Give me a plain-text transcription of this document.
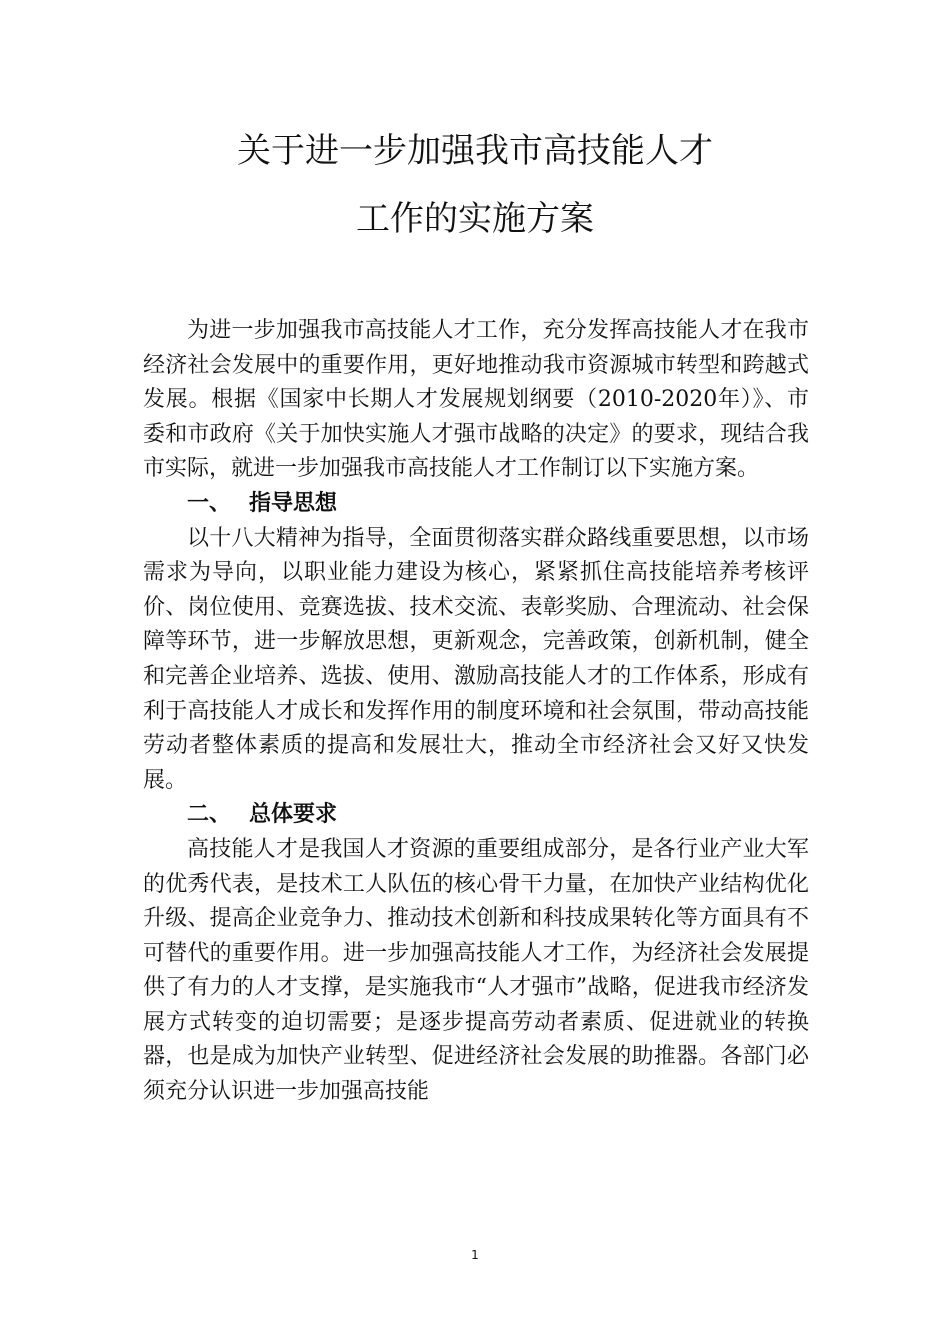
关于进一步加强我市高技能人才
工作的实施方案

为进一步加强我市高技能人才工作，充分发挥高技能人才在我市经济社会发展中的重要作用，更好地推动我市资源城市转型和跨越式发展。根据《国家中长期人才发展规划纲要（2010-2020年）》、市委和市政府《关于加快实施人才强市战略的决定》的要求，现结合我市实际，就进一步加强我市高技能人才工作制订以下实施方案。

一、 指导思想

以十八大精神为指导，全面贯彻落实群众路线重要思想，以市场需求为导向，以职业能力建设为核心，紧紧抓住高技能培养考核评价、岗位使用、竞赛选拔、技术交流、表彰奖励、合理流动、社会保障等环节，进一步解放思想，更新观念，完善政策，创新机制，健全和完善企业培养、选拔、使用、激励高技能人才的工作体系，形成有利于高技能人才成长和发挥作用的制度环境和社会氛围，带动高技能劳动者整体素质的提高和发展壮大，推动全市经济社会又好又快发展。

二、 总体要求

高技能人才是我国人才资源的重要组成部分，是各行业产业大军的优秀代表，是技术工人队伍的核心骨干力量，在加快产业结构优化升级、提高企业竞争力、推动技术创新和科技成果转化等方面具有不可替代的重要作用。进一步加强高技能人才工作，为经济社会发展提供了有力的人才支撑，是实施我市“人才强市”战略，促进我市经济发展方式转变的迫切需要；是逐步提高劳动者素质、促进就业的转换器，也是成为加快产业转型、促进经济社会发展的助推器。各部门必须充分认识进一步加强高技能

1
